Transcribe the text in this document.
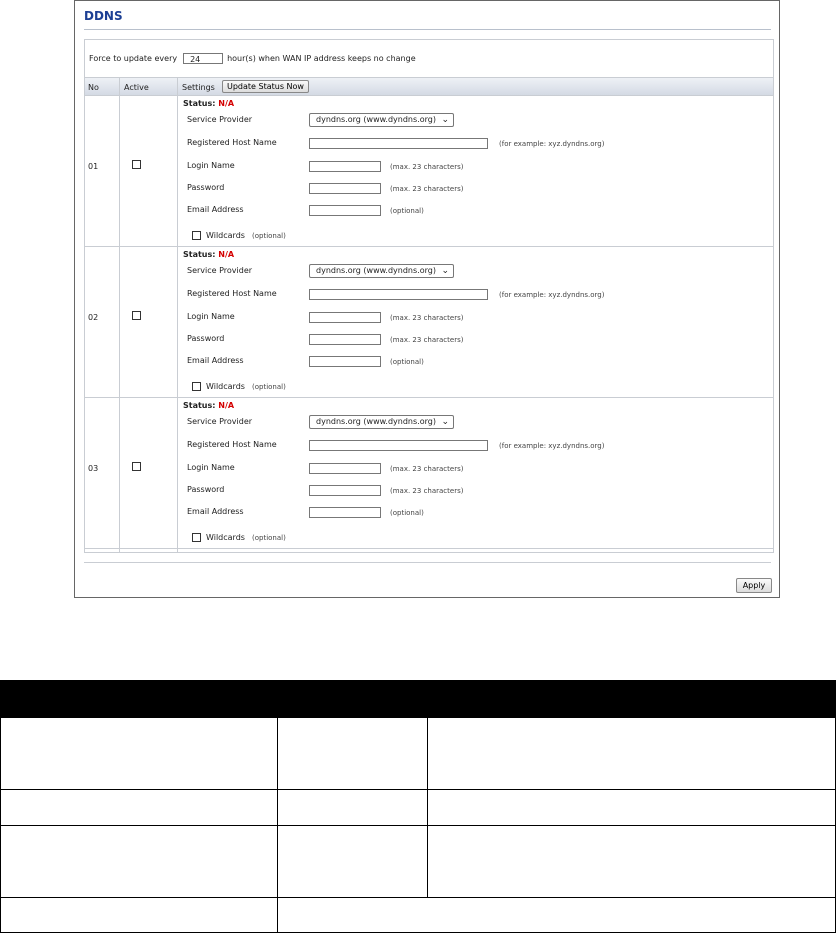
DDNS
Force to update every 24	hour(s) when WAN IP address keeps no change
No	Active	Settings	Update Status Now
01
Status: N/A
Service Provider	dyndns.org (www.dyndns.org) ⌄
Registered Host Name	(for example: xyz.dyndns.org)
Login Name	(max. 23 characters)
Password	(max. 23 characters)
Email Address	(optional)
Wildcards (optional)
02
Status: N/A
Service Provider	dyndns.org (www.dyndns.org) ⌄
Registered Host Name	(for example: xyz.dyndns.org)
Login Name	(max. 23 characters)
Password	(max. 23 characters)
Email Address	(optional)
Wildcards (optional)
03
Status: N/A
Service Provider	dyndns.org (www.dyndns.org) ⌄
Registered Host Name	(for example: xyz.dyndns.org)
Login Name	(max. 23 characters)
Password	(max. 23 characters)
Email Address	(optional)
Wildcards (optional)
Apply
